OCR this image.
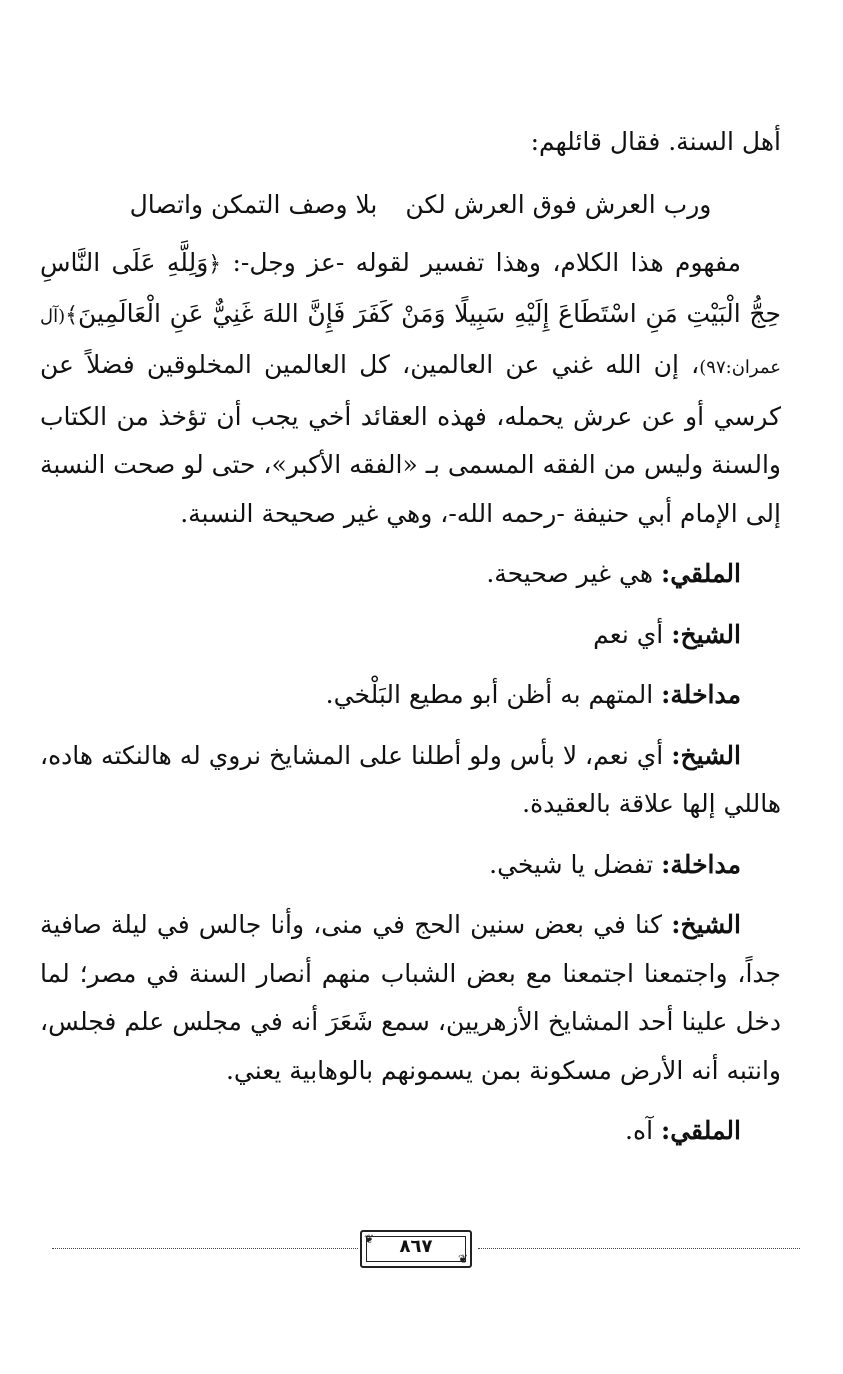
أهل السنة. فقال قائلهم:

ورب العرش فوق العرش لكن بلا وصف التمكن واتصال

مفهوم هذا الكلام، وهذا تفسير لقوله -عز وجل-: ﴿وَلِلَّهِ عَلَى النَّاسِ حِجُّ الْبَيْتِ مَنِ اسْتَطَاعَ إِلَيْهِ سَبِيلًا وَمَنْ كَفَرَ فَإِنَّ اللهَ غَنِيٌّ عَنِ الْعَالَمِينَ﴾(آل عمران:٩٧)، إن الله غني عن العالمين، كل العالمين المخلوقين فضلاً عن كرسي أو عن عرش يحمله، فهذه العقائد أخي يجب أن تؤخذ من الكتاب والسنة وليس من الفقه المسمى بـ «الفقه الأكبر»، حتى لو صحت النسبة إلى الإمام أبي حنيفة -رحمه الله-، وهي غير صحيحة النسبة.

الملقي: هي غير صحيحة.

الشيخ: أي نعم

مداخلة: المتهم به أظن أبو مطيع البَلْخي.

الشيخ: أي نعم، لا بأس ولو أطلنا على المشايخ نروي له هالنكته هاده، هاللي إلها علاقة بالعقيدة.

مداخلة: تفضل يا شيخي.

الشيخ: كنا في بعض سنين الحج في منى، وأنا جالس في ليلة صافية جداً، واجتمعنا اجتمعنا مع بعض الشباب منهم أنصار السنة في مصر؛ لما دخل علينا أحد المشايخ الأزهريين، سمع شَعَرَ أنه في مجلس علم فجلس، وانتبه أنه الأرض مسكونة بمن يسمونهم بالوهابية يعني.

الملقي: آه.

❦
❦
٨٦٧
